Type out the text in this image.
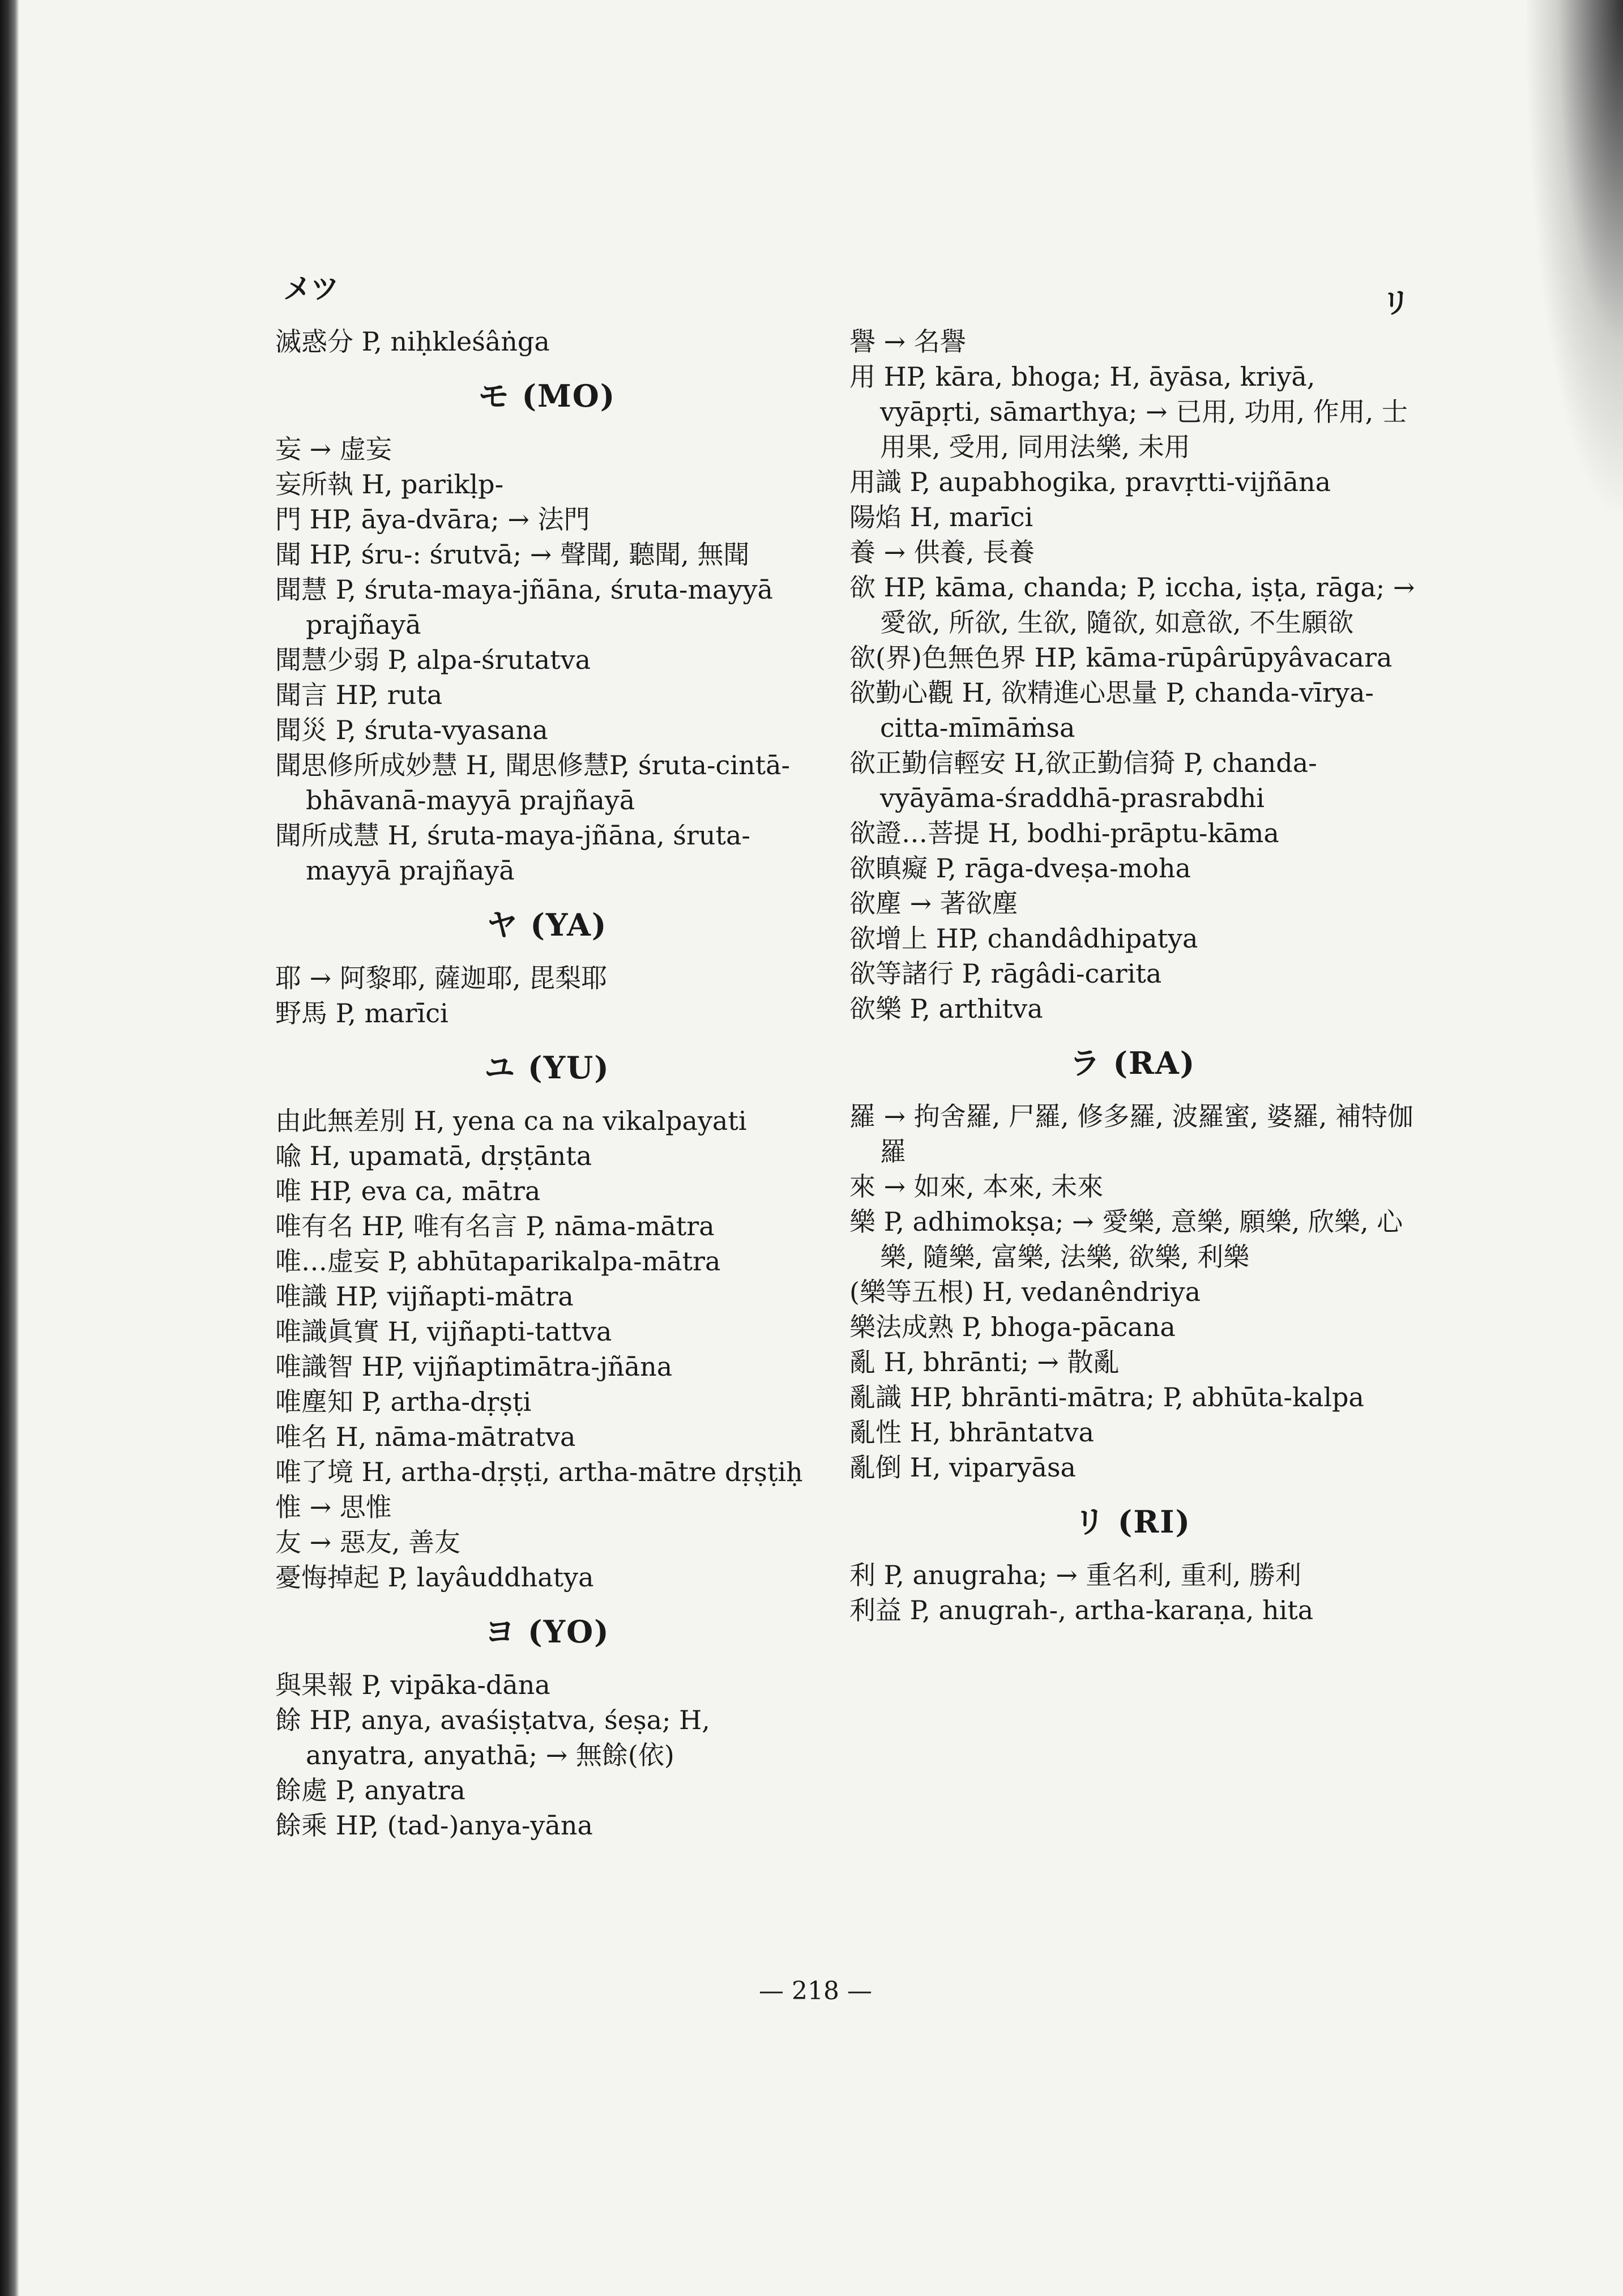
メツ	リ
滅惑分 P, niḥkleśâṅga
モ (MO)
妄 → 虚妄
妄所執 H, parikḷp-
門 HP, āya-dvāra; → 法門
聞 HP, śru-: śrutvā; → 聲聞, 聽聞, 無聞
聞慧 P, śruta-maya-jñāna, śruta-mayyā prajñayā
聞慧少弱 P, alpa-śrutatva
聞言 HP, ruta
聞災 P, śruta-vyasana
聞思修所成妙慧 H, 聞思修慧P, śruta-cintā-bhāvanā-mayyā prajñayā
聞所成慧 H, śruta-maya-jñāna, śruta-mayyā prajñayā
ヤ (YA)
耶 → 阿黎耶, 薩迦耶, 毘梨耶
野馬 P, marīci
ユ (YU)
由此無差別 H, yena ca na vikalpayati
喩 H, upamatā, dṛṣṭānta
唯 HP, eva ca, mātra
唯有名 HP, 唯有名言 P, nāma-mātra
唯…虚妄 P, abhūtaparikalpa-mātra
唯識 HP, vijñapti-mātra
唯識眞實 H, vijñapti-tattva
唯識智 HP, vijñaptimātra-jñāna
唯塵知 P, artha-dṛṣṭi
唯名 H, nāma-mātratva
唯了境 H, artha-dṛṣṭi, artha-mātre dṛṣṭiḥ
惟 → 思惟
友 → 惡友, 善友
憂悔掉起 P, layâuddhatya
ヨ (YO)
與果報 P, vipāka-dāna
餘 HP, anya, avaśiṣṭatva, śeṣa; H, anyatra, anyathā; → 無餘(依)
餘處 P, anyatra
餘乘 HP, (tad-)anya-yāna
譽 → 名譽
用 HP, kāra, bhoga; H, āyāsa, kriyā, vyāpṛti, sāmarthya; → 已用, 功用, 作用, 士用果, 受用, 同用法樂, 未用
用識 P, aupabhogika, pravṛtti-vijñāna
陽焰 H, marīci
養 → 供養, 長養
欲 HP, kāma, chanda; P, iccha, iṣṭa, rāga; → 愛欲, 所欲, 生欲, 隨欲, 如意欲, 不生願欲
欲(界)色無色界 HP, kāma-rūpârūpyâvacara
欲勤心觀 H, 欲精進心思量 P, chanda-vīrya-citta-mīmāṁsa
欲正勤信輕安 H,欲正勤信猗 P, chanda-vyāyāma-śraddhā-prasrabdhi
欲證…菩提 H, bodhi-prāptu-kāma
欲瞋癡 P, rāga-dveṣa-moha
欲塵 → 著欲塵
欲增上 HP, chandâdhipatya
欲等諸行 P, rāgâdi-carita
欲樂 P, arthitva
ラ (RA)
羅 → 拘舍羅, 尸羅, 修多羅, 波羅蜜, 婆羅, 補特伽羅
來 → 如來, 本來, 未來
樂 P, adhimokṣa; → 愛樂, 意樂, 願樂, 欣樂, 心樂, 隨樂, 富樂, 法樂, 欲樂, 利樂
(樂等五根) H, vedanêndriya
樂法成熟 P, bhoga-pācana
亂 H, bhrānti; → 散亂
亂識 HP, bhrānti-mātra; P, abhūta-kalpa
亂性 H, bhrāntatva
亂倒 H, viparyāsa
リ (RI)
利 P, anugraha; → 重名利, 重利, 勝利
利益 P, anugrah-, artha-karaṇa, hita
— 218 —
